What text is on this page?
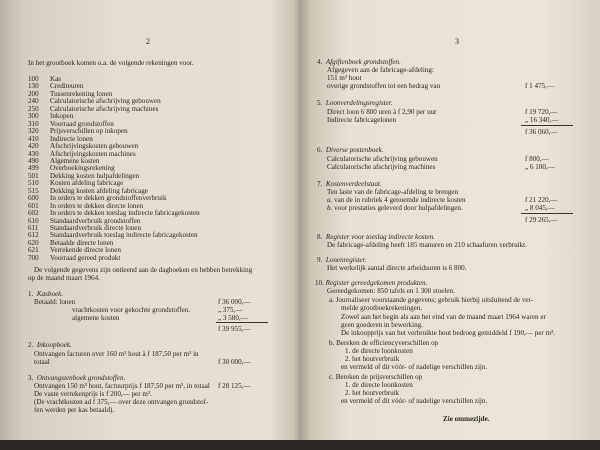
2
In het grootboek komen o.a. de volgende rekeningen voor.
100 Kas
130 Crediteuren
200 Tussenrekening lonen
240 Calculatorische afschrijving gebouwen
250 Calculatorische afschrijving machines
300 Inkopen
310 Voorraad grondstoffen
320 Prijsverschillen op inkopen
410 Indirecte lonen
420 Afschrijvingskosten gebouwen
430 Afschrijvingskosten machines
490 Algemene kosten
499 Overboekingsrekening
501 Dekking kosten hulpafdelingen
510 Kosten afdeling fabricage
515 Dekking kosten afdeling fabricage
600 In orders te dekken grondstoffenverbruik
601 In orders te dekken directe lonen
602 In orders te dekken toeslag indirecte fabricagekosten
610 Standaardverbruik grondstoffen
611 Standaardverbruik directe lonen
612 Standaardverbruik toeslag indirecte fabricagekosten
620 Betaalde directe lonen
621 Verrekende directe lonen
700 Voorraad gereed produkt
De volgende gegevens zijn ontleend aan de dagboeken en hebben betrekking
op de maand maart 1964.
1. Kasboek.
Betaald: lonen	f 36 000,—
vrachtkosten voor gekochte grondstoffen.	„ 375,—
algemene kosten	„ 3 580,—
f 39 955,—
2. Inkoopboek.
Ontvangen facturen over 160 m³ hout à f 187,50 per m³ in
totaal	f 30 000,—
3. Ontvangstenboek grondstoffen.
Ontvangen 150 m³ hout, factuurprijs f 187,50 per m³, in totaal f 28 125,—
De vaste verrekenprijs is f 200,— per m³.
(De vrachtkosten ad f 375,— over deze ontvangen grondstof-
fen werden per kas betaald).
3
4. Afgiftenboek grondstoffen.
Afgegeven aan de fabricage-afdeling:
151 m³ hout
overige grondstoffen tot een bedrag van	f 1 475,—
5. Loonverdelingsregister.
Direct loon 6 800 uren à f 2,90 per uur	f 19 720,—
Indirecte fabricagelonen	„ 16 340,—
f 36 060,—
6. Diverse postenboek.
Calculatorische afschrijving gebouwen	f 800,—
Calculatorische afschrijving machines	„ 6 100,—
7. Kostenverdeelstaat.
Ten laste van de fabricage-afdeling te brengen
a. van de in rubriek 4 genoemde indirecte kosten	f 21 220,—
b. voor prestaties geleverd door hulpafdelingen.	„ 8 045,—
f 29 265,—
8. Register voor toeslag indirecte kosten.
De fabricage-afdeling heeft 185 manuren en 210 schaafuren verbruikt.
9. Lonenregister.
Het werkelijk aantal directe arbeidsuren is 6 800.
10. Register gereedgekomen produkten.
Gereedgekomen: 850 tafels en 1 300 stoelen.
a. Journaliseer voorstaande gegevens; gebruik hierbij uitsluitend de ver-
melde grootboekrekeningen.
Zowel aan het begin als aan het eind van de maand maart 1964 waren er
geen goederen in bewerking.
De inkoopprijs van het verbruikte hout bedroeg gemiddeld f 190,— per m³.
b. Bereken de efficiencyverschillen op
1. de directe loonkosten
2. het houtverbruik
en vermeld of dit vóór- of nadelige verschillen zijn.
c. Bereken de prijsverschillen op
1. de directe loonkosten
2. het houtverbruik
en vermeld of dit vóór- of nadelige verschillen zijn.
Zie ommezijde.
